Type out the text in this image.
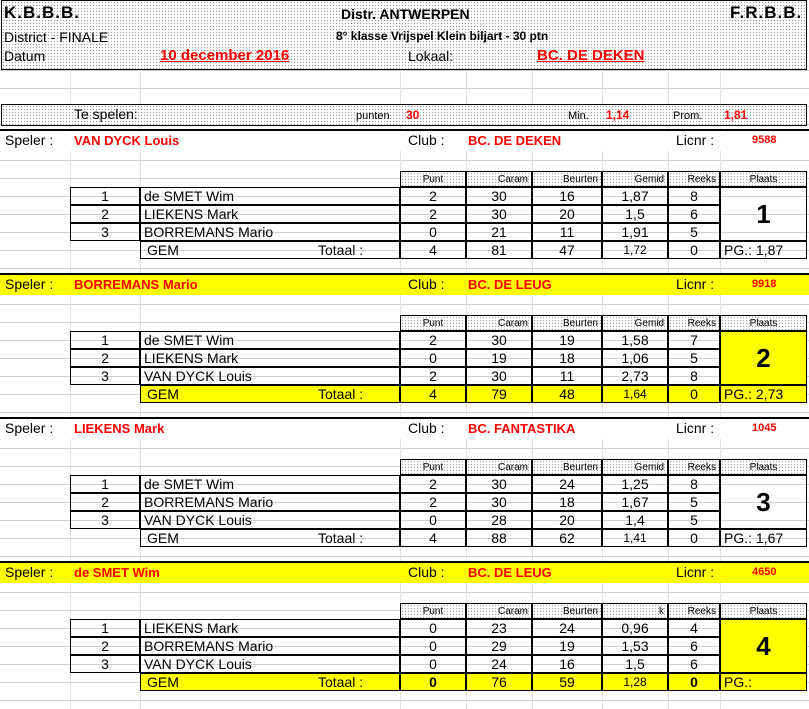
K.B.B.B.
District - FINALE
Datum	10 december 2016
Distr. ANTWERPEN
8° klasse Vrijspel Klein biljart - 30 ptn
Lokaal:	BC. DE DEKEN
F.R.B.B.
Te spelen:	punten 30	Min. 1,14	Prom. 1,81
Speler : VAN DYCK Louis	Club : BC. DE DEKEN	Licnr :	9588
Punt	Caram	Beurten	Gemid	Reeks	Plaats
1	de SMET Wim	2	30	16	1,87	8
2	LIEKENS Mark	2	30	20	1,5	6
3	BORREMANS Mario	0	21	11	1,91	5
GEM	Totaal :	4	81	47	1,72	0
1
PG.: 1,87
Speler : BORREMANS Mario	Club : BC. DE LEUG	Licnr :	9918
Punt	Caram	Beurten	Gemid	Reeks	Plaats
1	de SMET Wim	2	30	19	1,58	7
2	LIEKENS Mark	0	19	18	1,06	5
3	VAN DYCK Louis	2	30	11	2,73	8
GEM	Totaal :	4	79	48	1,64	0
2
PG.: 2,73
Speler : LIEKENS Mark	Club : BC. FANTASTIKA	Licnr :	1045
Punt	Caram	Beurten	Gemid	Reeks	Plaats
1	de SMET Wim	2	30	24	1,25	8
2	BORREMANS Mario	2	30	18	1,67	5
3	VAN DYCK Louis	0	28	20	1,4	5
GEM	Totaal :	4	88	62	1,41	0
3
PG.: 1,67
Speler : de SMET Wim	Club : BC. DE LEUG	Licnr :	4650
Punt	Caram	Beurten	k	Reeks	Plaats
1	LIEKENS Mark	0	23	24	0,96	4
2	BORREMANS Mario	0	29	19	1,53	6
3	VAN DYCK Louis	0	24	16	1,5	6
GEM	Totaal :	0	76	59	1,28	0
4
PG.:
